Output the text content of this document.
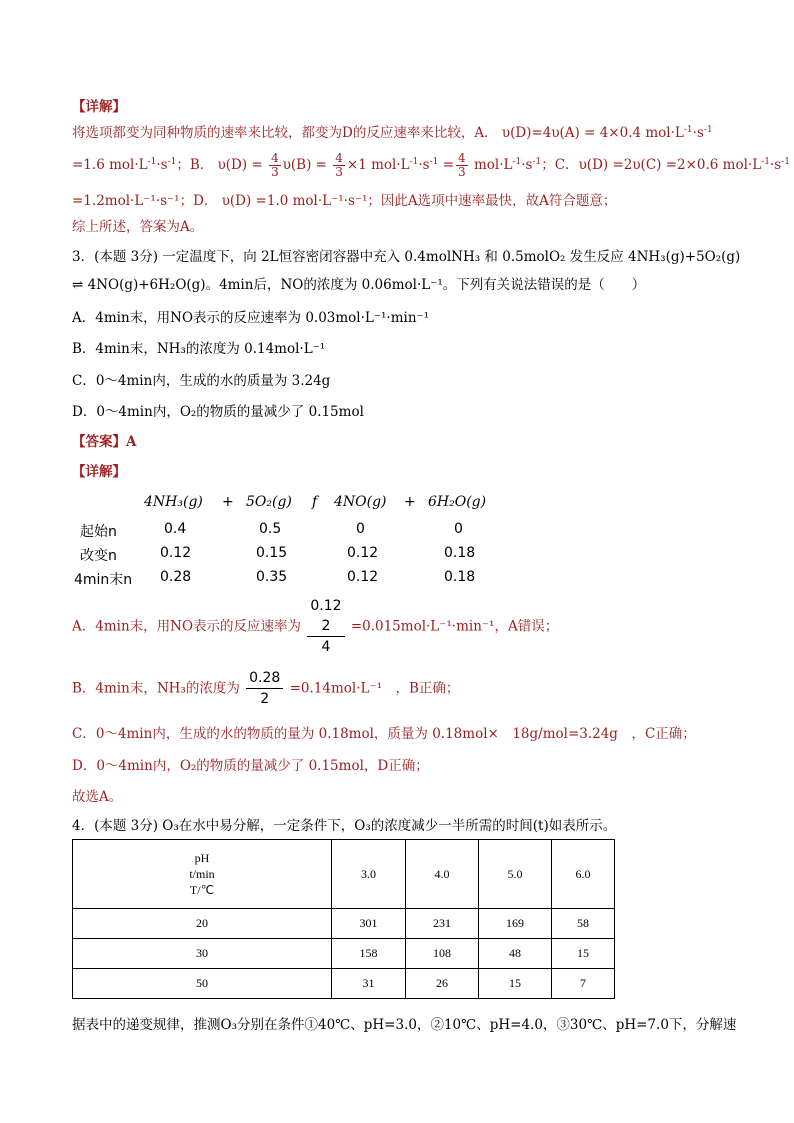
【详解】
将选项都变为同种物质的速率来比较，都变为D的反应速率来比较，A． υ(D)=4υ(A) = 4×0.4 $mol\cdot L^{-1}\cdot s^{-1}$
=1.6 $mol\cdot L^{-1}\cdot s^{-1}$；B． $\upsilon(D) = \frac{4}{3} \upsilon(B) = \frac{4}{3} \times 1$ $mol\cdot L^{-1}\cdot s^{-1} = \frac{4}{3} mol\cdot L^{-1}\cdot s^{-1}$；C．υ(D) =2υ(C) =2×0.6 $mol\cdot L^{-1}\cdot s^{-1}$
=1.2mol·L⁻¹·s⁻¹；D． υ(D) =1.0 mol·L⁻¹·s⁻¹；因此A选项中速率最快，故A符合题意；
综上所述，答案为A。
3．(本题 3分) 一定温度下，向 2L恒容密闭容器中充入 0.4molNH₃ 和 0.5molO₂ 发生反应 4NH₃(g)+5O₂(g)
⇌ 4NO(g)+6H₂O(g)。4min后，NO的浓度为 0.06mol·L⁻¹。下列有关说法错误的是（　　）
A．4min末，用NO表示的反应速率为 0.03mol·L⁻¹·min⁻¹
B．4min末，NH₃的浓度为 0.14mol·L⁻¹
C．0～4min内，生成的水的质量为 3.24g
D．0～4min内，O₂的物质的量减少了 0.15mol
【答案】A
【详解】
4NH₃(g) + 5O₂(g) f 4NO(g) + 6H₂O(g)
起始n	0.4	0.5	0	0
改变n	0.12	0.15	0.12	0.18
4min末n 0.28	0.35	0.12	0.18
A．4min末，用NO表示的反应速率为
0.12
2
4
=0.015mol·L⁻¹·min⁻¹，A错误；
B．4min末，NH₃的浓度为 $\frac{0.28}{2} =0.14mol\cdot L^{-1}$　，B正确；
C．0～4min内，生成的水的物质的量为 0.18mol，质量为 0.18mol×　18g/mol=3.24g　，C正确；
D．0～4min内，O₂的物质的量减少了 0.15mol，D正确；
故选A。
4．(本题 3分) O₃在水中易分解，一定条件下，O₃的浓度减少一半所需的时间(t)如表所示。
pH
t/min
T/℃	3.0	4.0	5.0	6.0
20	301	231	169	58
30	158	108	48	15
50	31	26	15	7
据表中的递变规律，推测O₃分别在条件①40℃、pH=3.0，②10℃、pH=4.0，③30℃、pH=7.0下，分解速
